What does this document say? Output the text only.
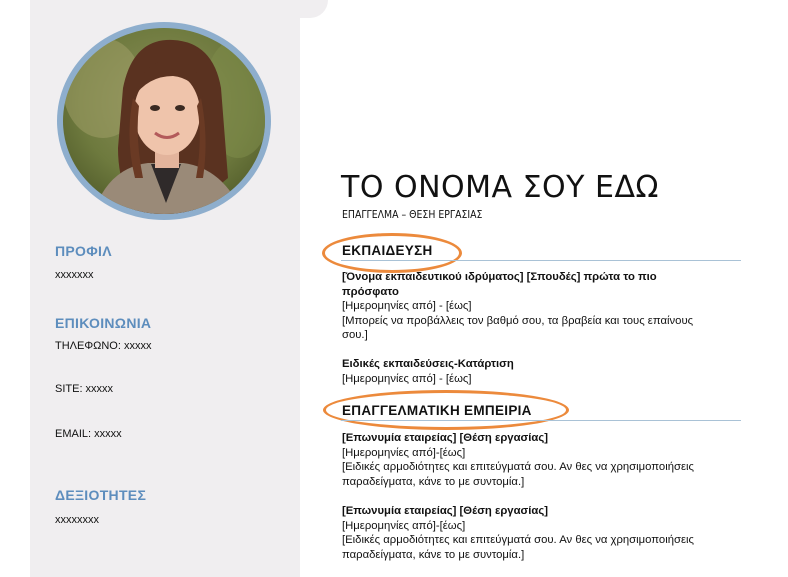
ΠΡΟΦΙΛ
xxxxxxx
ΕΠΙΚΟΙΝΩΝΙΑ
ΤΗΛΕΦΩΝΟ: xxxxx
SITE: xxxxx
EMAIL: xxxxx
ΔΕΞΙΟΤΗΤΕΣ
xxxxxxxx
ΤΟ ΟΝΟΜΑ ΣΟΥ ΕΔΩ
ΕΠΑΓΓΕΛΜΑ – ΘΕΣΗ ΕΡΓΑΣΙΑΣ
ΕΚΠΑΙΔΕΥΣΗ
[Όνομα εκπαιδευτικού ιδρύματος] [Σπουδές] πρώτα το πιο
πρόσφατο
[Ημερομηνίες από] - [έως]
[Μπορείς να προβάλλεις τον βαθμό σου, τα βραβεία και τους επαίνους
σου.]
Ειδικές εκπαιδεύσεις-Κατάρτιση
[Ημερομηνίες από] - [έως]
ΕΠΑΓΓΕΛΜΑΤΙΚΗ ΕΜΠΕΙΡΙΑ
[Επωνυμία εταιρείας] [Θέση εργασίας]
[Ημερομηνίες από]-[έως]
[Ειδικές αρμοδιότητες και επιτεύγματά σου. Αν θες να χρησιμοποιήσεις
παραδείγματα, κάνε το με συντομία.]
[Επωνυμία εταιρείας] [Θέση εργασίας]
[Ημερομηνίες από]-[έως]
[Ειδικές αρμοδιότητες και επιτεύγματά σου. Αν θες να χρησιμοποιήσεις
παραδείγματα, κάνε το με συντομία.]
